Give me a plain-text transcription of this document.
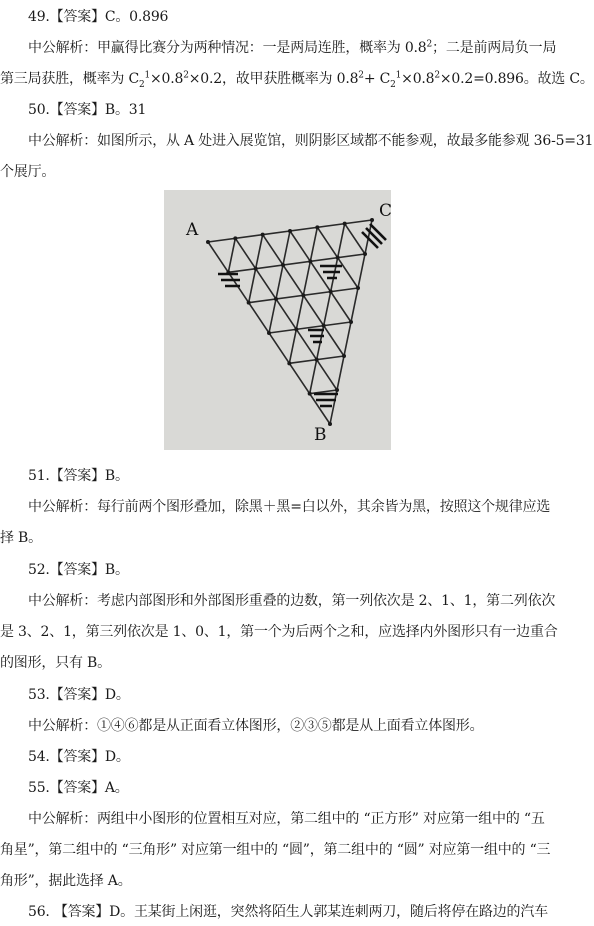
49.【答案】C。0.896
中公解析：甲赢得比赛分为两种情况：一是两局连胜，概率为 $0.8^2$；二是前两局负一局
第三局获胜，概率为 $C_2^1\times 0.8^2\times 0.2$，故甲获胜概率为 $0.8^2+ C_2^1\times 0.8^2\times 0.2=0.896$。故选 C。
50.【答案】B。31
中公解析：如图所示，从 A 处进入展览馆，则阴影区域都不能参观，故最多能参观 36-5=31
个展厅。
A
C
B
51.【答案】B。
中公解析：每行前两个图形叠加，除黑＋黑=白以外，其余皆为黑，按照这个规律应选
择 B。
52.【答案】B。
中公解析：考虑内部图形和外部图形重叠的边数，第一列依次是 2、1、1，第二列依次
是 3、2、1，第三列依次是 1、0、1，第一个为后两个之和，应选择内外图形只有一边重合
的图形，只有 B。
53.【答案】D。
中公解析：①④⑥都是从正面看立体图形，②③⑤都是从上面看立体图形。
54.【答案】D。
55.【答案】A。
中公解析：两组中小图形的位置相互对应，第二组中的 “正方形” 对应第一组中的 “五
角星”，第二组中的 “三角形” 对应第一组中的 “圆”，第二组中的 “圆” 对应第一组中的 “三
角形”，据此选择 A。
56. 【答案】D。王某街上闲逛，突然将陌生人郭某连刺两刀，随后将停在路边的汽车
